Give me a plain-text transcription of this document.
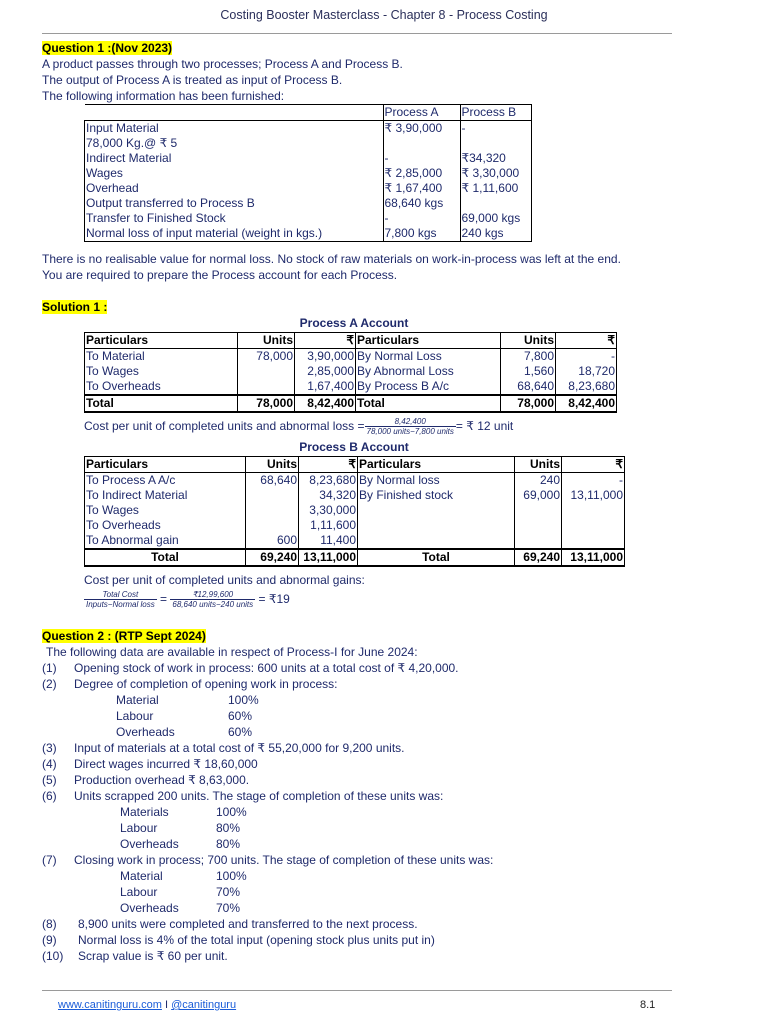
Costing Booster Masterclass - Chapter 8 - Process Costing
Question 1 :(Nov 2023)
A product passes through two processes; Process A and Process B.
The output of Process A is treated as input of Process B.
The following information has been furnished:
	Process A	Process B
Input Material	₹ 3,90,000	-
78,000 Kg.@ ₹ 5		
Indirect Material	-	₹34,320
Wages	₹ 2,85,000	₹ 3,30,000
Overhead	₹ 1,67,400	₹ 1,11,600
Output transferred to Process B	68,640 kgs	
Transfer to Finished Stock	-	69,000 kgs
Normal loss of input material (weight in kgs.)	7,800 kgs	240 kgs
There is no realisable value for normal loss. No stock of raw materials on work-in-process was left at the end.
You are required to prepare the Process account for each Process.
Solution 1 :
Process A Account
Particulars	Units	₹	Particulars	Units	₹
To Material	78,000	3,90,000	By Normal Loss	7,800	-
To Wages		2,85,000	By Abnormal Loss	1,560	18,720
To Overheads		1,67,400	By Process B A/c	68,640	8,23,680
Total	78,000	8,42,400	Total	78,000	8,42,400
Cost per unit of completed units and abnormal loss = $\frac{8,42,400}{\text{78,000 units−7,800 units}}$ = ₹ 12 unit
Process B Account
Particulars	Units	₹	Particulars	Units	₹
To Process A A/c	68,640	8,23,680	By Normal loss	240	-
To Indirect Material		34,320	By Finished stock	69,000	13,11,000
To Wages		3,30,000			
To Overheads		1,11,600			
To Abnormal gain	600	11,400			
Total	69,240	13,11,000	Total	69,240	13,11,000
Cost per unit of completed units and abnormal gains:
$\frac{\text{Total Cost}}{\text{Inputs−Normal loss}} = \frac{₹12,99,600}{\text{68,640 units−240 units}}$ = ₹19
Question 2 : (RTP Sept 2024)
The following data are available in respect of Process-I for June 2024:
(1) Opening stock of work in process: 600 units at a total cost of ₹ 4,20,000.
(2) Degree of completion of opening work in process:
Material	100%
Labour	60%
Overheads	60%
(3) Input of materials at a total cost of ₹ 55,20,000 for 9,200 units.
(4) Direct wages incurred ₹ 18,60,000
(5) Production overhead ₹ 8,63,000.
(6) Units scrapped 200 units. The stage of completion of these units was:
Materials	100%
Labour	80%
Overheads	80%
(7) Closing work in process; 700 units. The stage of completion of these units was:
Material	100%
Labour	70%
Overheads	70%
(8) 8,900 units were completed and transferred to the next process.
(9) Normal loss is 4% of the total input (opening stock plus units put in)
(10) Scrap value is ₹ 60 per unit.
www.canitinguru.com I @canitinguru	8.1
